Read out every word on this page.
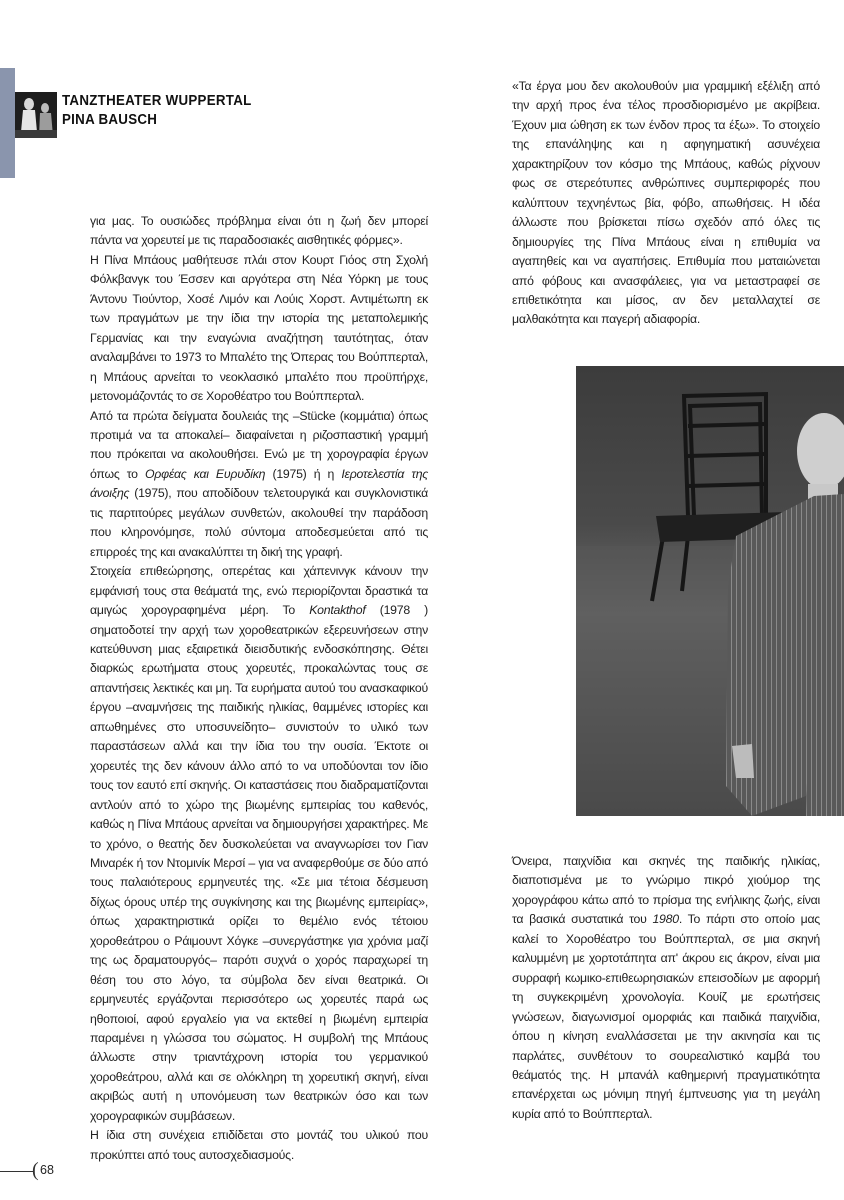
TANZTHEATER WUPPERTAL
PINA BAUSCH

για μας. Το ουσιώδες πρόβλημα είναι ότι η ζωή δεν μπορεί πάντα να χορευτεί με τις παραδοσιακές αισθητικές φόρμες».

Η Πίνα Μπάους μαθήτευσε πλάι στον Κουρτ Γιόος στη Σχολή Φόλκβανγκ του Έσσεν και αργότερα στη Νέα Υόρκη με τους Άντονυ Τιούντορ, Χοσέ Λιμόν και Λούις Χορστ. Αντιμέτωπη εκ των πραγμάτων με την ίδια την ιστορία της μεταπολεμικής Γερμανίας και την εναγώνια αναζήτηση ταυτότητας, όταν αναλαμβάνει το 1973 το Μπαλέτο της Όπερας του Βούππερταλ, η Μπάους αρνείται το νεοκλασικό μπαλέτο που προϋπήρχε, μετονομάζοντάς το σε Χοροθέατρο του Βούππερταλ.

Από τα πρώτα δείγματα δουλειάς της –Stücke (κομμάτια) όπως προτιμά να τα αποκαλεί– διαφαίνεται η ριζοσπαστική γραμμή που πρόκειται να ακολουθήσει. Ενώ με τη χορογραφία έργων όπως το Ορφέας και Ευρυδίκη (1975) ή η Ιεροτελεστία της άνοιξης (1975), που αποδίδουν τελετουργικά και συγκλονιστικά τις παρτιτούρες μεγάλων συνθετών, ακολουθεί την παράδοση που κληρονόμησε, πολύ σύντομα αποδεσμεύεται από τις επιρροές της και ανακαλύπτει τη δική της γραφή.

Στοιχεία επιθεώρησης, οπερέτας και χάπενινγκ κάνουν την εμφάνισή τους στα θεάματά της, ενώ περιορίζονται δραστικά τα αμιγώς χορογραφημένα μέρη. Το Kontakthof (1978 ) σηματοδοτεί την αρχή των χοροθεατρικών εξερευνήσεων στην κατεύθυνση μιας εξαιρετικά διεισδυτικής ενδοσκόπησης. Θέτει διαρκώς ερωτήματα στους χορευτές, προκαλώντας τους σε απαντήσεις λεκτικές και μη. Τα ευρήματα αυτού του ανασκαφικού έργου –αναμνήσεις της παιδικής ηλικίας, θαμμένες ιστορίες και απωθημένες στο υποσυνείδητο– συνιστούν το υλικό των παραστάσεων αλλά και την ίδια του την ουσία. Έκτοτε οι χορευτές της δεν κάνουν άλλο από το να υποδύονται τον ίδιο τους τον εαυτό επί σκηνής. Οι καταστάσεις που διαδραματίζονται αντλούν από το χώρο της βιωμένης εμπειρίας του καθενός, καθώς η Πίνα Μπάους αρνείται να δημιουργήσει χαρακτήρες. Με το χρόνο, ο θεατής δεν δυσκολεύεται να αναγνωρίσει τον Γιαν Μιναρέκ ή τον Ντομινίκ Μερσί – για να αναφερθούμε σε δύο από τους παλαιότερους ερμηνευτές της. «Σε μια τέτοια δέσμευση δίχως όρους υπέρ της συγκίνησης και της βιωμένης εμπειρίας», όπως χαρακτηριστικά ορίζει το θεμέλιο ενός τέτοιου χοροθεάτρου ο Ράιμουντ Χόγκε –συνεργάστηκε για χρόνια μαζί της ως δραματουργός– παρότι συχνά ο χορός παραχωρεί τη θέση του στο λόγο, τα σύμβολα δεν είναι θεατρικά. Οι ερμηνευτές εργάζονται περισσότερο ως χορευτές παρά ως ηθοποιοί, αφού εργαλείο για να εκτεθεί η βιωμένη εμπειρία παραμένει η γλώσσα του σώματος. Η συμβολή της Μπάους άλλωστε στην τριαντάχρονη ιστορία του γερμανικού χοροθεάτρου, αλλά και σε ολόκληρη τη χορευτική σκηνή, είναι ακριβώς αυτή η υπονόμευση των θεατρικών όσο και των χορογραφικών συμβάσεων.

Η ίδια στη συνέχεια επιδίδεται στο μοντάζ του υλικού που προκύπτει από τους αυτοσχεδιασμούς.

«Τα έργα μου δεν ακολουθούν μια γραμμική εξέλιξη από την αρχή προς ένα τέλος προσδιορισμένο με ακρίβεια. Έχουν μια ώθηση εκ των ένδον προς τα έξω». Το στοιχείο της επανάληψης και η αφηγηματική ασυνέχεια χαρακτηρίζουν τον κόσμο της Μπάους, καθώς ρίχνουν φως σε στερεότυπες ανθρώπινες συμπεριφορές που καλύπτουν τεχνηέντως βία, φόβο, απωθήσεις. Η ιδέα άλλωστε που βρίσκεται πίσω σχεδόν από όλες τις δημιουργίες της Πίνα Μπάους είναι η επιθυμία να αγαπηθείς και να αγαπήσεις. Επιθυμία που ματαιώνεται από φόβους και ανασφάλειες, για να μεταστραφεί σε επιθετικότητα και μίσος, αν δεν μεταλλαχτεί σε μαλθακότητα και παγερή αδιαφορία.

Όνειρα, παιχνίδια και σκηνές της παιδικής ηλικίας, διαποτισμένα με το γνώριμο πικρό χιούμορ της χορογράφου κάτω από το πρίσμα της ενήλικης ζωής, είναι τα βασικά συστατικά του 1980. Το πάρτι στο οποίο μας καλεί το Χοροθέατρο του Βούππερταλ, σε μια σκηνή καλυμμένη με χορτοτάπητα απ' άκρου εις άκρον, είναι μια συρραφή κωμικο-επιθεωρησιακών επεισοδίων με αφορμή τη συγκεκριμένη χρονολογία. Κουίζ με ερωτήσεις γνώσεων, διαγωνισμοί ομορφιάς και παιδικά παιχνίδια, όπου η κίνηση εναλλάσσεται με την ακινησία και τις παρλάτες, συνθέτουν το σουρεαλιστικό καμβά του θεάματός της. Η μπανάλ καθημερινή πραγματικότητα επανέρχεται ως μόνιμη πηγή έμπνευσης για τη μεγάλη κυρία από το Βούππερταλ.

( 68
